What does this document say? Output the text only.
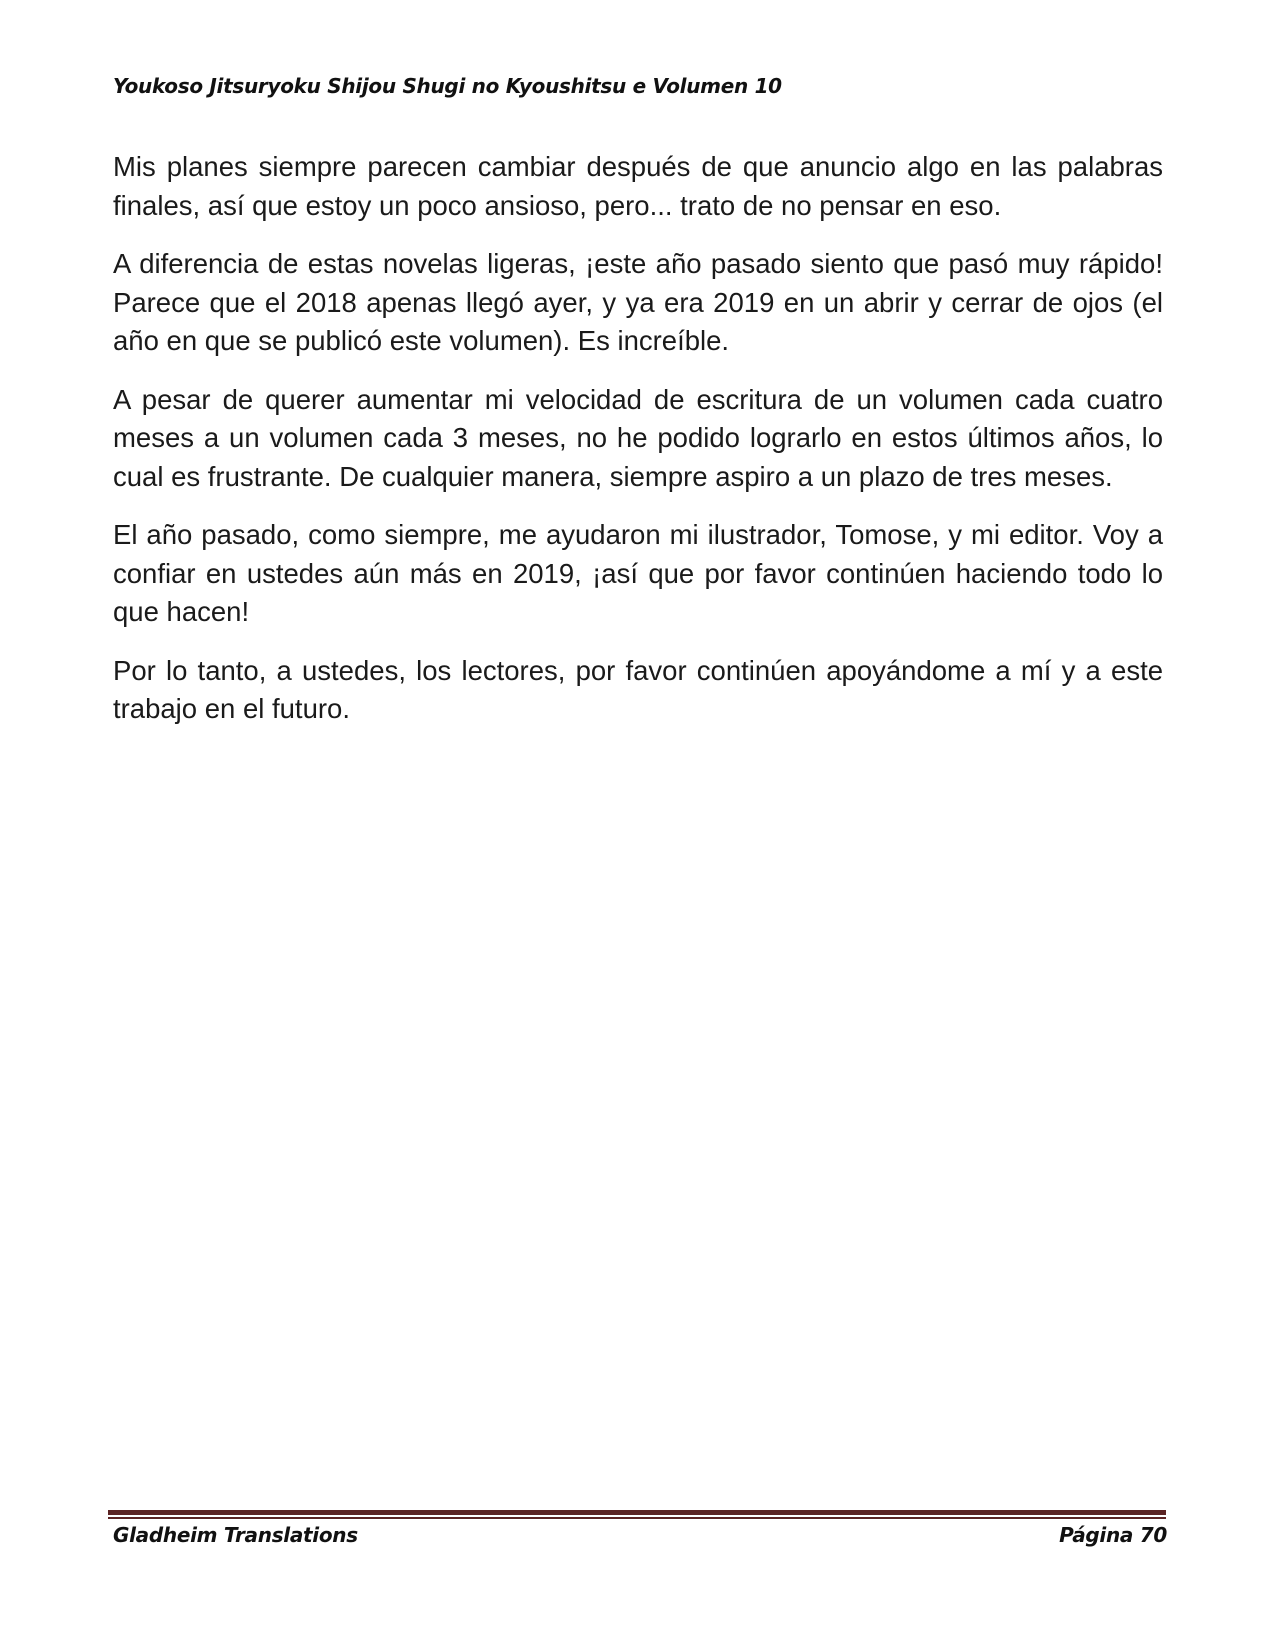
Youkoso Jitsuryoku Shijou Shugi no Kyoushitsu e Volumen 10

Mis planes siempre parecen cambiar después de que anuncio algo en las palabras finales, así que estoy un poco ansioso, pero... trato de no pensar en eso.

A diferencia de estas novelas ligeras, ¡este año pasado siento que pasó muy rápido! Parece que el 2018 apenas llegó ayer, y ya era 2019 en un abrir y cerrar de ojos (el año en que se publicó este volumen). Es increíble.

A pesar de querer aumentar mi velocidad de escritura de un volumen cada cuatro meses a un volumen cada 3 meses, no he podido lograrlo en estos últimos años, lo cual es frustrante. De cualquier manera, siempre aspiro a un plazo de tres meses.

El año pasado, como siempre, me ayudaron mi ilustrador, Tomose, y mi editor. Voy a confiar en ustedes aún más en 2019, ¡así que por favor continúen haciendo todo lo que hacen!

Por lo tanto, a ustedes, los lectores, por favor continúen apoyándome a mí y a este trabajo en el futuro.

Gladheim Translations	Página 70
